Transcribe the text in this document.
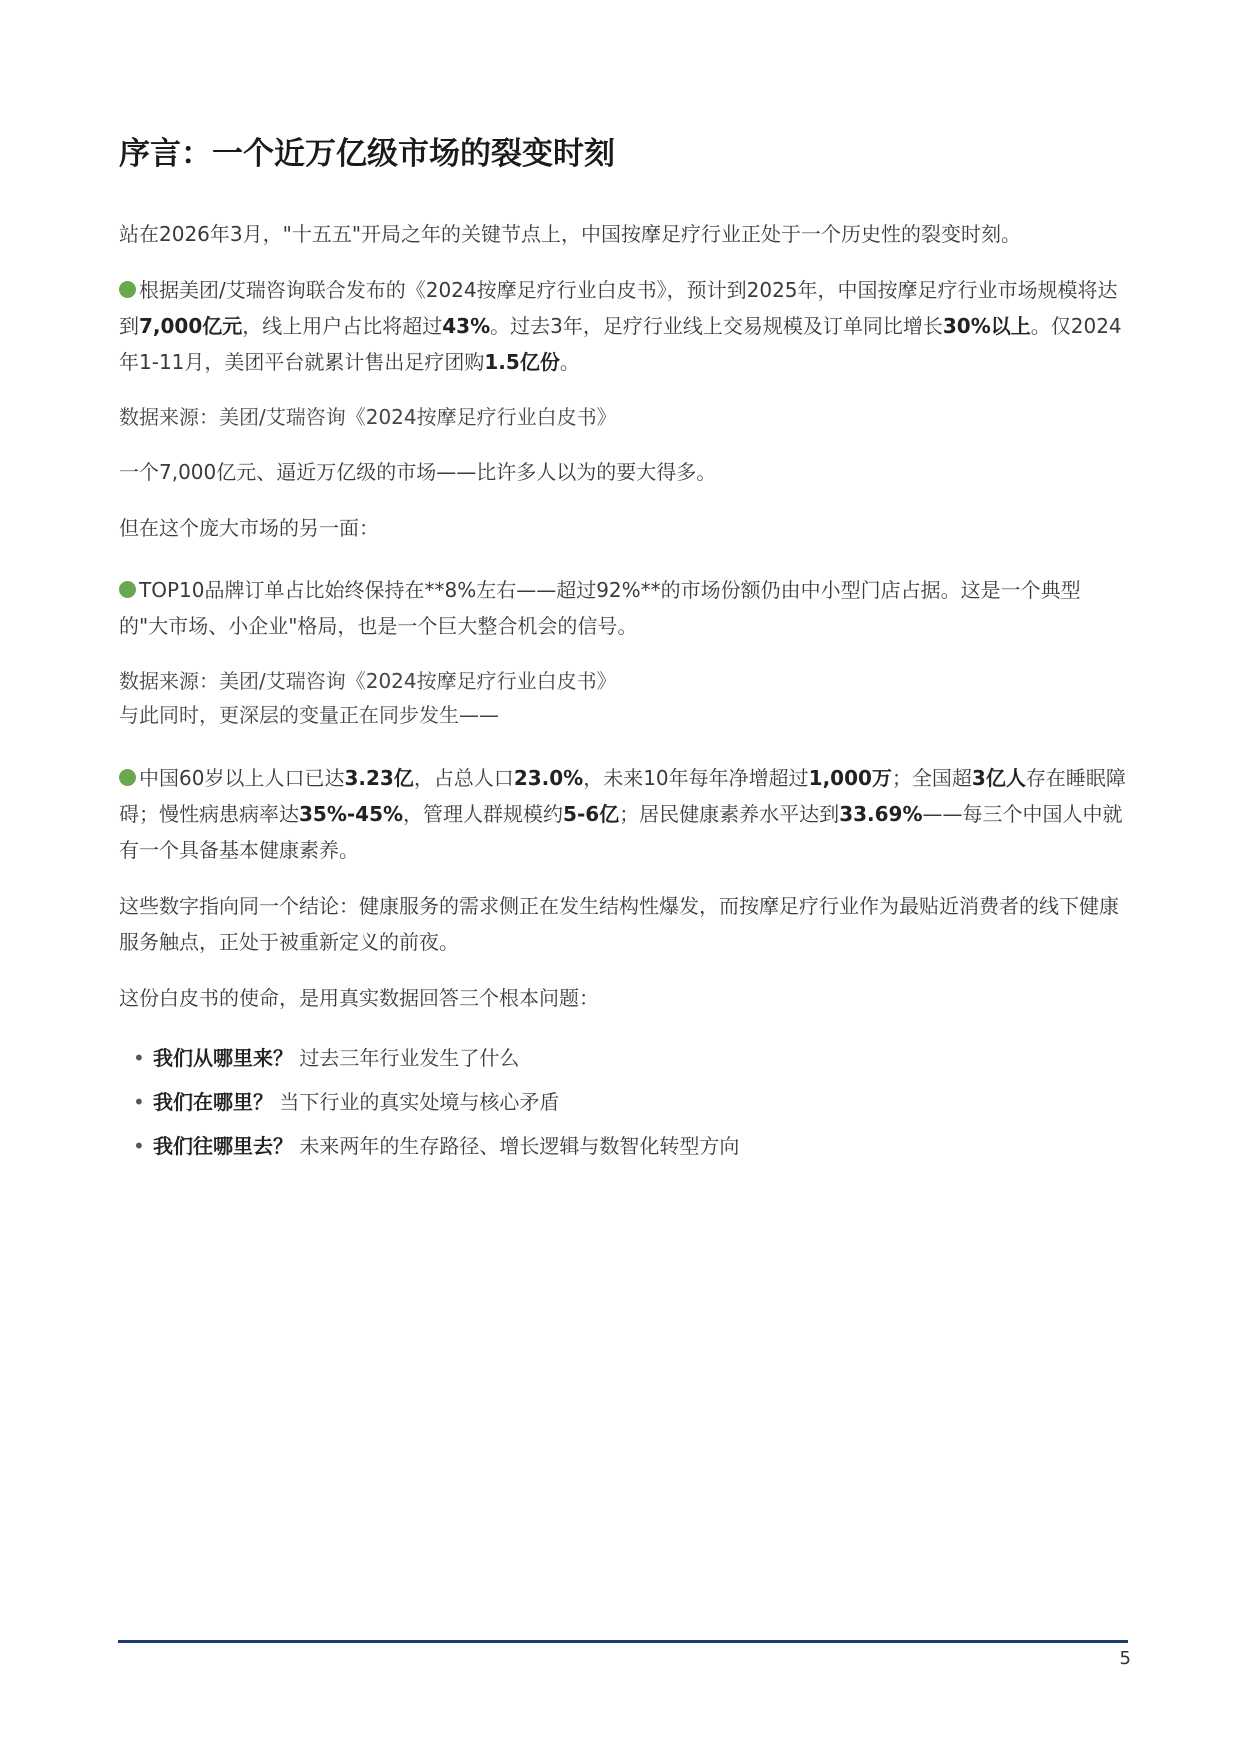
序言：一个近万亿级市场的裂变时刻

站在2026年3月，"十五五"开局之年的关键节点上，中国按摩足疗行业正处于一个历史性的裂变时刻。

根据美团/艾瑞咨询联合发布的《2024按摩足疗行业白皮书》，预计到2025年，中国按摩足疗行业市场规模将达到7,000亿元，线上用户占比将超过43%。过去3年，足疗行业线上交易规模及订单同比增长30%以上。仅2024年1-11月，美团平台就累计售出足疗团购1.5亿份。

数据来源：美团/艾瑞咨询《2024按摩足疗行业白皮书》

一个7,000亿元、逼近万亿级的市场——比许多人以为的要大得多。

但在这个庞大市场的另一面：

TOP10品牌订单占比始终保持在**8%左右——超过92%**的市场份额仍由中小型门店占据。这是一个典型的"大市场、小企业"格局，也是一个巨大整合机会的信号。

数据来源：美团/艾瑞咨询《2024按摩足疗行业白皮书》
与此同时，更深层的变量正在同步发生——

中国60岁以上人口已达3.23亿，占总人口23.0%，未来10年每年净增超过1,000万；全国超3亿人存在睡眠障碍；慢性病患病率达35%-45%，管理人群规模约5-6亿；居民健康素养水平达到33.69%——每三个中国人中就有一个具备基本健康素养。

这些数字指向同一个结论：健康服务的需求侧正在发生结构性爆发，而按摩足疗行业作为最贴近消费者的线下健康服务触点，正处于被重新定义的前夜。

这份白皮书的使命，是用真实数据回答三个根本问题：

• 我们从哪里来？ 过去三年行业发生了什么
• 我们在哪里？ 当下行业的真实处境与核心矛盾
• 我们往哪里去？ 未来两年的生存路径、增长逻辑与数智化转型方向
5
